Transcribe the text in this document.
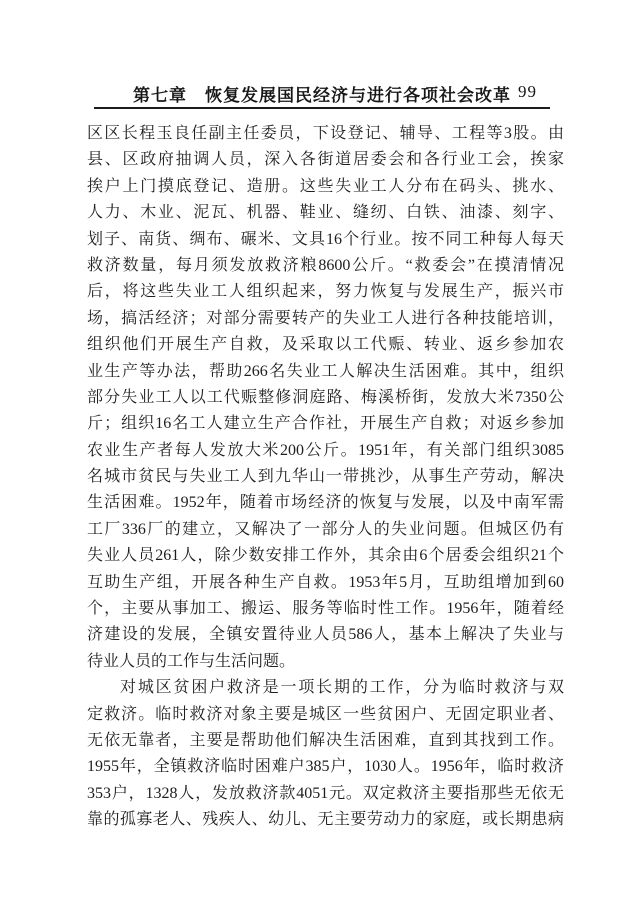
第七章　恢复发展国民经济与进行各项社会改革 99
区区长程玉良任副主任委员，下设登记、辅导、工程等3股。由
县、区政府抽调人员，深入各街道居委会和各行业工会，挨家
挨户上门摸底登记、造册。这些失业工人分布在码头、挑水、
人力、木业、泥瓦、机器、鞋业、缝纫、白铁、油漆、刻字、
划子、南货、绸布、碾米、文具16个行业。按不同工种每人每天
救济数量，每月须发放救济粮8600公斤。“救委会”在摸清情况
后，将这些失业工人组织起来，努力恢复与发展生产，振兴市
场，搞活经济；对部分需要转产的失业工人进行各种技能培训，
组织他们开展生产自救，及采取以工代赈、转业、返乡参加农
业生产等办法，帮助266名失业工人解决生活困难。其中，组织
部分失业工人以工代赈整修洞庭路、梅溪桥街，发放大米7350公
斤；组织16名工人建立生产合作社，开展生产自救；对返乡参加
农业生产者每人发放大米200公斤。1951年，有关部门组织3085
名城市贫民与失业工人到九华山一带挑沙，从事生产劳动，解决
生活困难。1952年，随着市场经济的恢复与发展，以及中南军需
工厂336厂的建立，又解决了一部分人的失业问题。但城区仍有
失业人员261人，除少数安排工作外，其余由6个居委会组织21个
互助生产组，开展各种生产自救。1953年5月，互助组增加到60
个，主要从事加工、搬运、服务等临时性工作。1956年，随着经
济建设的发展，全镇安置待业人员586人，基本上解决了失业与
待业人员的工作与生活问题。
对城区贫困户救济是一项长期的工作，分为临时救济与双
定救济。临时救济对象主要是城区一些贫困户、无固定职业者、
无依无靠者，主要是帮助他们解决生活困难，直到其找到工作。
1955年，全镇救济临时困难户385户，1030人。1956年，临时救济
353户，1328人，发放救济款4051元。双定救济主要指那些无依无
靠的孤寡老人、残疾人、幼儿、无主要劳动力的家庭，或长期患病
